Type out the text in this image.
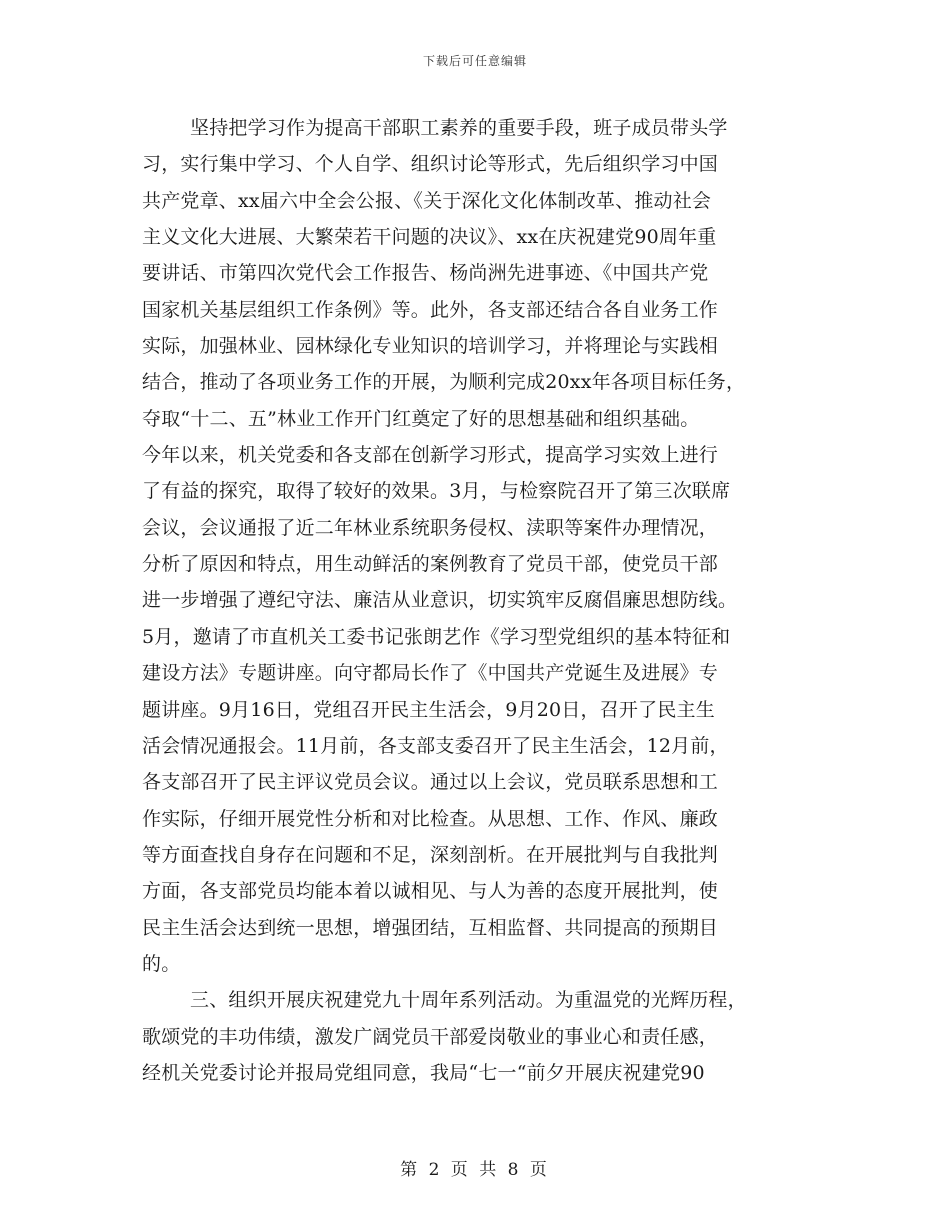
下载后可任意编辑
坚持把学习作为提高干部职工素养的重要手段，班子成员带头学
习，实行集中学习、个人自学、组织讨论等形式，先后组织学习中国
共产党章、xx届六中全会公报、《关于深化文化体制改革、推动社会
主义文化大进展、大繁荣若干问题的决议》、xx在庆祝建党90周年重
要讲话、市第四次党代会工作报告、杨尚洲先进事迹、《中国共产党
国家机关基层组织工作条例》等。此外，各支部还结合各自业务工作
实际，加强林业、园林绿化专业知识的培训学习，并将理论与实践相
结合，推动了各项业务工作的开展，为顺利完成20xx年各项目标任务，
夺取“十二、五”林业工作开门红奠定了好的思想基础和组织基础。
今年以来，机关党委和各支部在创新学习形式，提高学习实效上进行
了有益的探究，取得了较好的效果。3月，与检察院召开了第三次联席
会议，会议通报了近二年林业系统职务侵权、渎职等案件办理情况，
分析了原因和特点，用生动鲜活的案例教育了党员干部，使党员干部
进一步增强了遵纪守法、廉洁从业意识，切实筑牢反腐倡廉思想防线。
5月，邀请了市直机关工委书记张朗艺作《学习型党组织的基本特征和
建设方法》专题讲座。向守都局长作了《中国共产党诞生及进展》专
题讲座。9月16日，党组召开民主生活会，9月20日，召开了民主生
活会情况通报会。11月前，各支部支委召开了民主生活会，12月前，
各支部召开了民主评议党员会议。通过以上会议，党员联系思想和工
作实际，仔细开展党性分析和对比检查。从思想、工作、作风、廉政
等方面查找自身存在问题和不足，深刻剖析。在开展批判与自我批判
方面，各支部党员均能本着以诚相见、与人为善的态度开展批判，使
民主生活会达到统一思想，增强团结，互相监督、共同提高的预期目
的。
三、组织开展庆祝建党九十周年系列活动。为重温党的光辉历程，
歌颂党的丰功伟绩，激发广阔党员干部爱岗敬业的事业心和责任感，
经机关党委讨论并报局党组同意，我局“七一“前夕开展庆祝建党90
第 2 页 共 8 页
